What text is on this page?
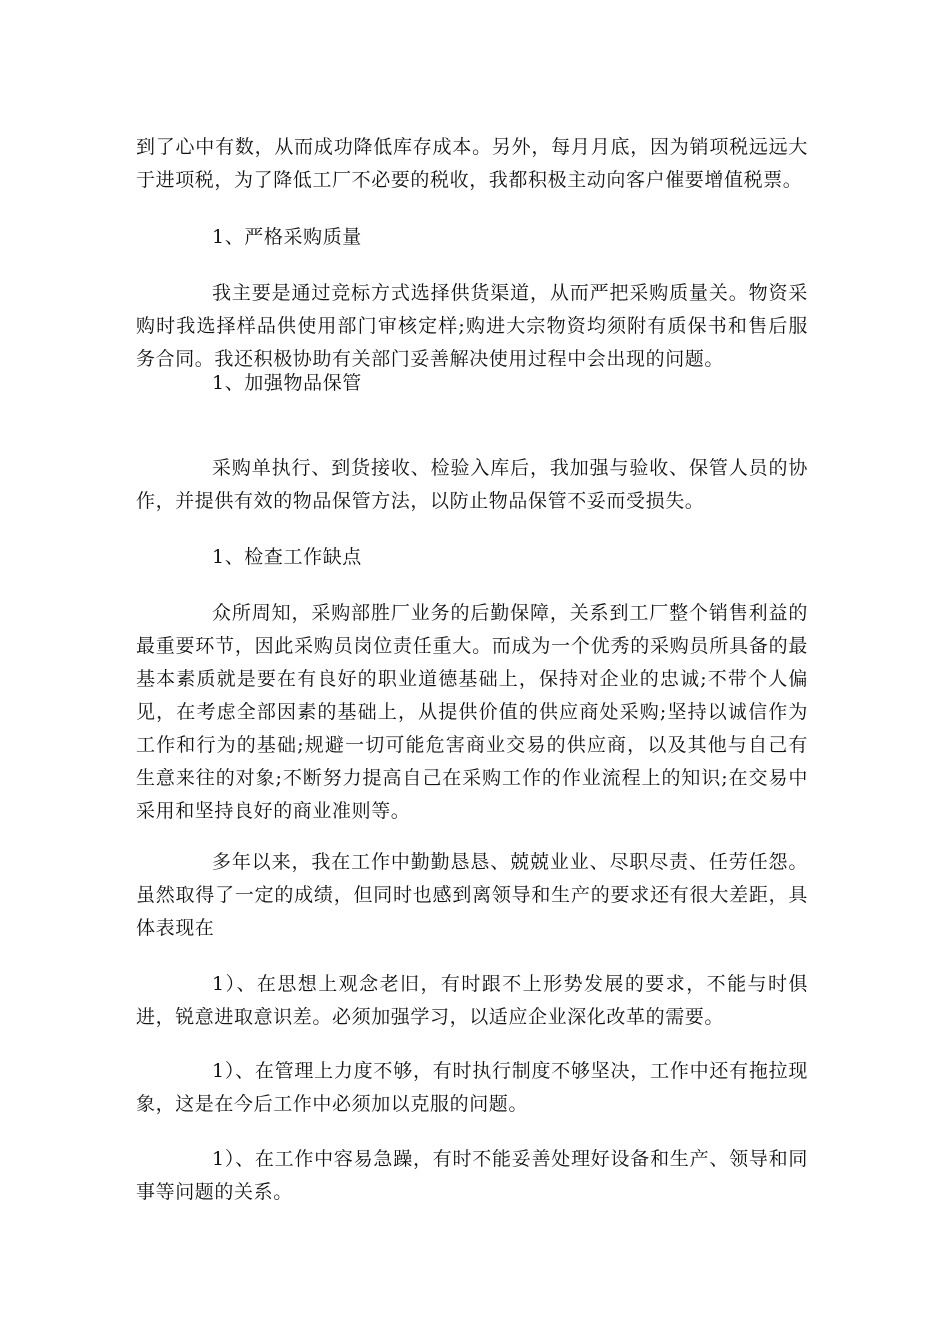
到了心中有数，从而成功降低库存成本。另外，每月月底，因为销项税远远大于进项税，为了降低工厂不必要的税收，我都积极主动向客户催要增值税票。

1、严格采购质量

我主要是通过竞标方式选择供货渠道，从而严把采购质量关。物资采购时我选择样品供使用部门审核定样;购进大宗物资均须附有质保书和售后服务合同。我还积极协助有关部门妥善解决使用过程中会出现的问题。

1、加强物品保管

采购单执行、到货接收、检验入库后，我加强与验收、保管人员的协作，并提供有效的物品保管方法，以防止物品保管不妥而受损失。

1、检查工作缺点

众所周知，采购部胜厂业务的后勤保障，关系到工厂整个销售利益的最重要环节，因此采购员岗位责任重大。而成为一个优秀的采购员所具备的最基本素质就是要在有良好的职业道德基础上，保持对企业的忠诚;不带个人偏见，在考虑全部因素的基础上，从提供价值的供应商处采购;坚持以诚信作为工作和行为的基础;规避一切可能危害商业交易的供应商，以及其他与自己有生意来往的对象;不断努力提高自己在采购工作的作业流程上的知识;在交易中采用和坚持良好的商业准则等。

多年以来，我在工作中勤勤恳恳、兢兢业业、尽职尽责、任劳任怨。虽然取得了一定的成绩，但同时也感到离领导和生产的要求还有很大差距，具体表现在

1）、在思想上观念老旧，有时跟不上形势发展的要求，不能与时俱进，锐意进取意识差。必须加强学习，以适应企业深化改革的需要。

1）、在管理上力度不够，有时执行制度不够坚决，工作中还有拖拉现象，这是在今后工作中必须加以克服的问题。

1）、在工作中容易急躁，有时不能妥善处理好设备和生产、领导和同事等问题的关系。
